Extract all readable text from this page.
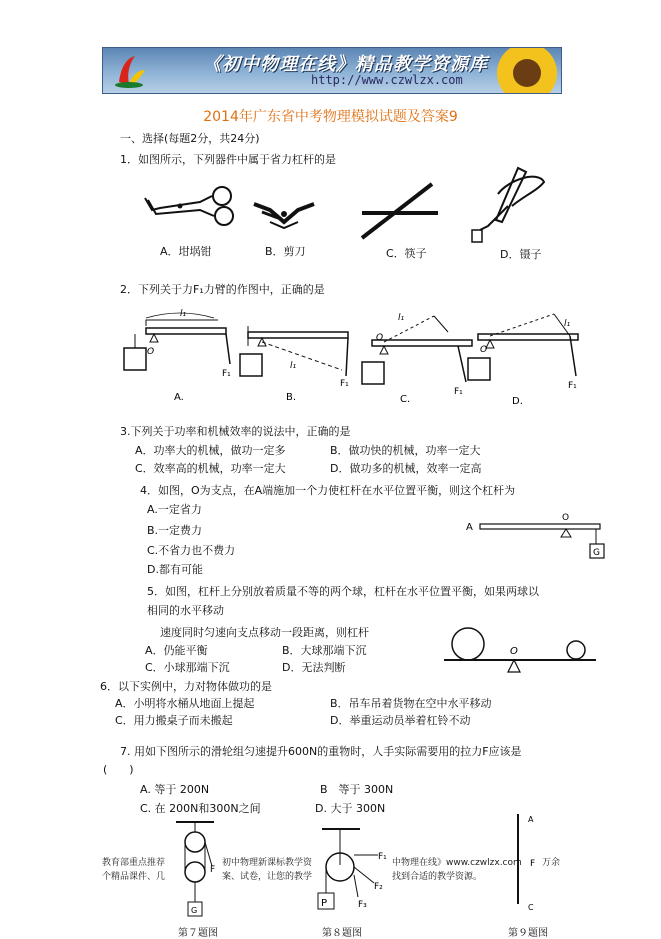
《初中物理在线》精品教学资源库
http://www.czwlzx.com
2014年广东省中考物理模拟试题及答案9
一、选择(每题2分，共24分)
1．如图所示，下列器件中属于省力杠杆的是
A．坩埚钳	B．剪刀	C．筷子	D．镊子
2．下列关于力F₁力臂的作图中，正确的是
l₁
O
F₁
A.
l₁
F₁
B.
O
l₁
F₁
C.
O
l₁
F₁
D.
3.下列关于功率和机械效率的说法中，正确的是
A．功率大的机械，做功一定多	B．做功快的机械，功率一定大
C．效率高的机械，功率一定大	D．做功多的机械，效率一定高
4．如图，O为支点，在A端施加一个力使杠杆在水平位置平衡，则这个杠杆为
A.一定省力
B.一定费力
C.不省力也不费力
D.都有可能
A
O
G
5．如图，杠杆上分别放着质量不等的两个球，杠杆在水平位置平衡，如果两球以
相同的水平移动
速度同时匀速向支点移动一段距离，则杠杆
A．仍能平衡	B．大球那端下沉
C．小球那端下沉	D．无法判断
O
6．以下实例中，力对物体做功的是
A．小明将水桶从地面上提起	B．吊车吊着货物在空中水平移动
C．用力搬桌子而未搬起	D．举重运动员举着杠铃不动
7. 用如下图所示的滑轮组匀速提升600N的重物时，人手实际需要用的拉力F应该是
(　　)
A. 等于 200N	B　等于 300N
C. 在 200N和300N之间	D. 大于 300N
F
G
P
F₁
F₂
F₃
A
F
C
教育部重点推荐
个精品课件、几
初中物理新课标教学资
案、试卷，让您的教学
中物理在线》www.czwlzx.com
找到合适的教学资源。
万余
第７题图	第８题图	第９题图
